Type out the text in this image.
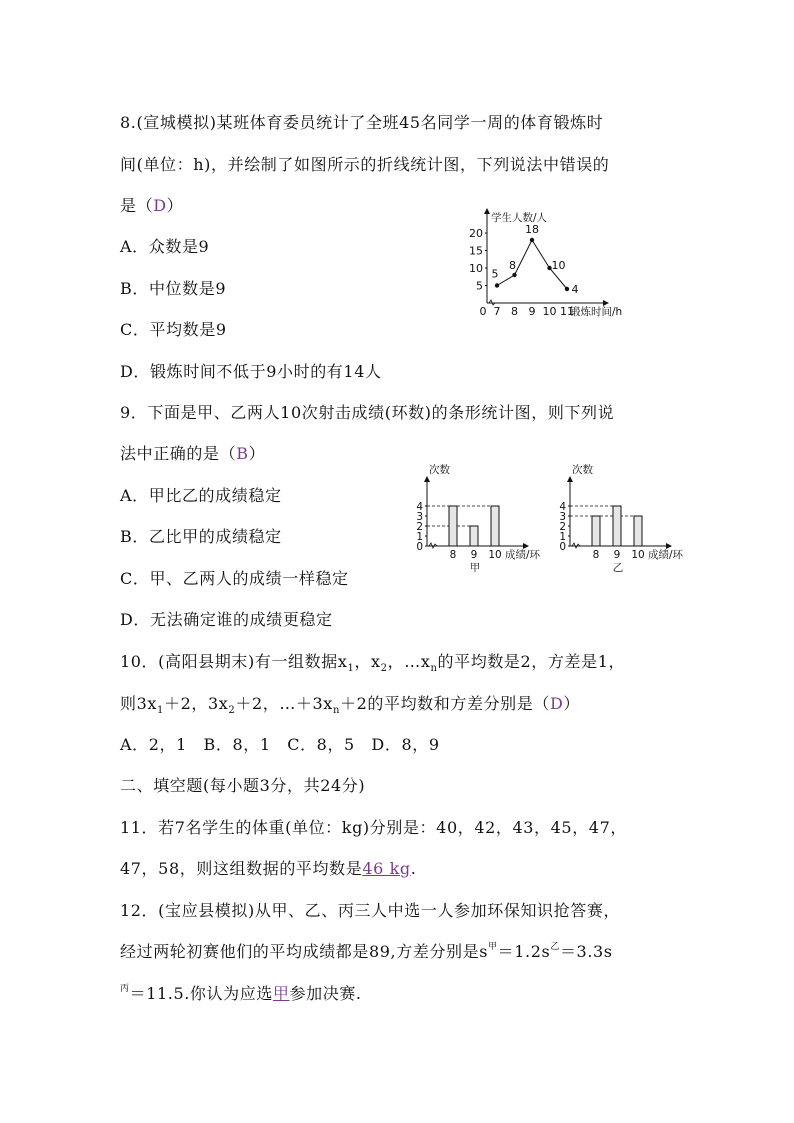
8.(宣城模拟)某班体育委员统计了全班45名同学一周的体育锻炼时
间(单位：h)，并绘制了如图所示的折线统计图，下列说法中错误的
是（D）
A．众数是9
B．中位数是9
C．平均数是9
D．锻炼时间不低于9小时的有14人
学生人数/人
锻炼时间/h
5
10
15
20
0 7 8 9 10 11
5
8
18
10
4
9．下面是甲、乙两人10次射击成绩(环数)的条形统计图，则下列说
法中正确的是（B）
A．甲比乙的成绩稳定
B．乙比甲的成绩稳定
C．甲、乙两人的成绩一样稳定
D．无法确定谁的成绩更稳定
次数
成绩/环
甲
0
1
2
3
4
8 9 10
次数
成绩/环
乙
0
1
2
3
4
8 9 10
10．(高阳县期末)有一组数据$x_1$，$x_2$，$\dots x_n$的平均数是2，方差是1，
则$3x_1+2$，$3x_2+2$，$\dots+3x_n+2$的平均数和方差分别是（D）
A．2，1　B．8，1　C．8，5　D．8，9
二、填空题(每小题3分，共24分)
11．若7名学生的体重(单位：kg)分别是：40，42，43，45，47，
47，58，则这组数据的平均数是46 kg.
12．(宝应县模拟)从甲、乙、丙三人中选一人参加环保知识抢答赛，
经过两轮初赛他们的平均成绩都是89,方差分别是$s^甲=1.2s^乙=3.3s$
$^丙$＝11.5.你认为应选甲参加决赛.
